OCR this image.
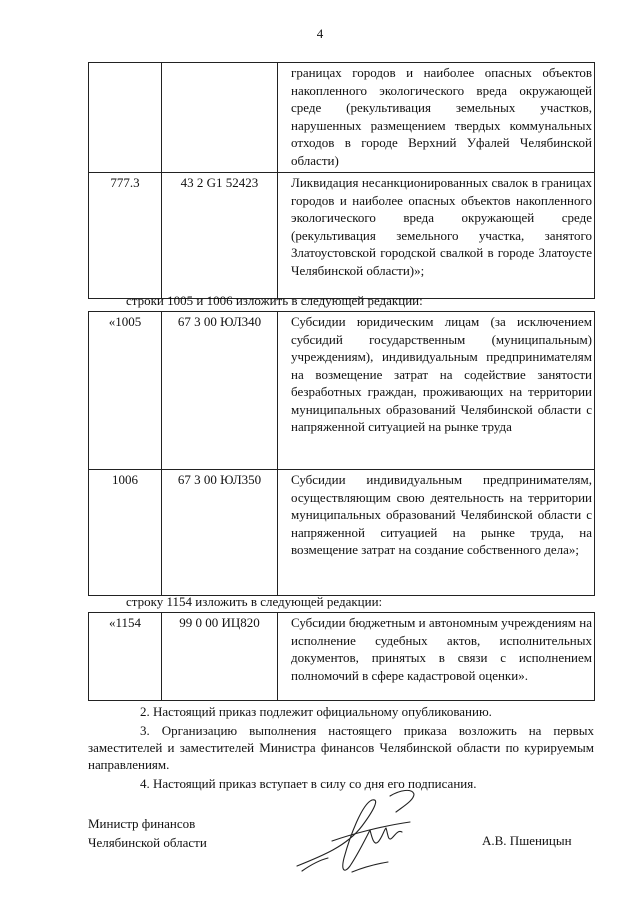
4
		границах городов и наиболее опасных объектов накопленного экологического вреда окружающей среде (рекультивация земельных участков, нарушенных размещением твердых коммунальных отходов в городе Верхний Уфалей Челябинской области)
777.3	43 2 G1 52423	Ликвидация несанкционированных свалок в границах городов и наиболее опасных объектов накопленного экологического вреда окружающей среде (рекультивация земельного участка, занятого Златоустовской городской свалкой в городе Златоусте Челябинской области)»;
строки 1005 и 1006 изложить в следующей редакции:
«1005	67 3 00 ЮЛ340	Субсидии юридическим лицам (за исключением субсидий государственным (муниципальным) учреждениям), индивидуальным предпринимателям на возмещение затрат на содействие занятости безработных граждан, проживающих на территории муниципальных образований Челябинской области с напряженной ситуацией на рынке труда
1006	67 3 00 ЮЛ350	Субсидии индивидуальным предпринимателям, осуществляющим свою деятельность на территории муниципальных образований Челябинской области с напряженной ситуацией на рынке труда, на возмещение затрат на создание собственного дела»;
строку 1154 изложить в следующей редакции:
«1154	99 0 00 ИЦ820	Субсидии бюджетным и автономным учреждениям на исполнение судебных актов, исполнительных документов, принятых в связи с исполнением полномочий в сфере кадастровой оценки».
2. Настоящий приказ подлежит официальному опубликованию.

3. Организацию выполнения настоящего приказа возложить на первых заместителей и заместителей Министра финансов Челябинской области по курируемым направлениям.

4. Настоящий приказ вступает в силу со дня его подписания.
Министр финансов
Челябинской области	А.В. Пшеницын
